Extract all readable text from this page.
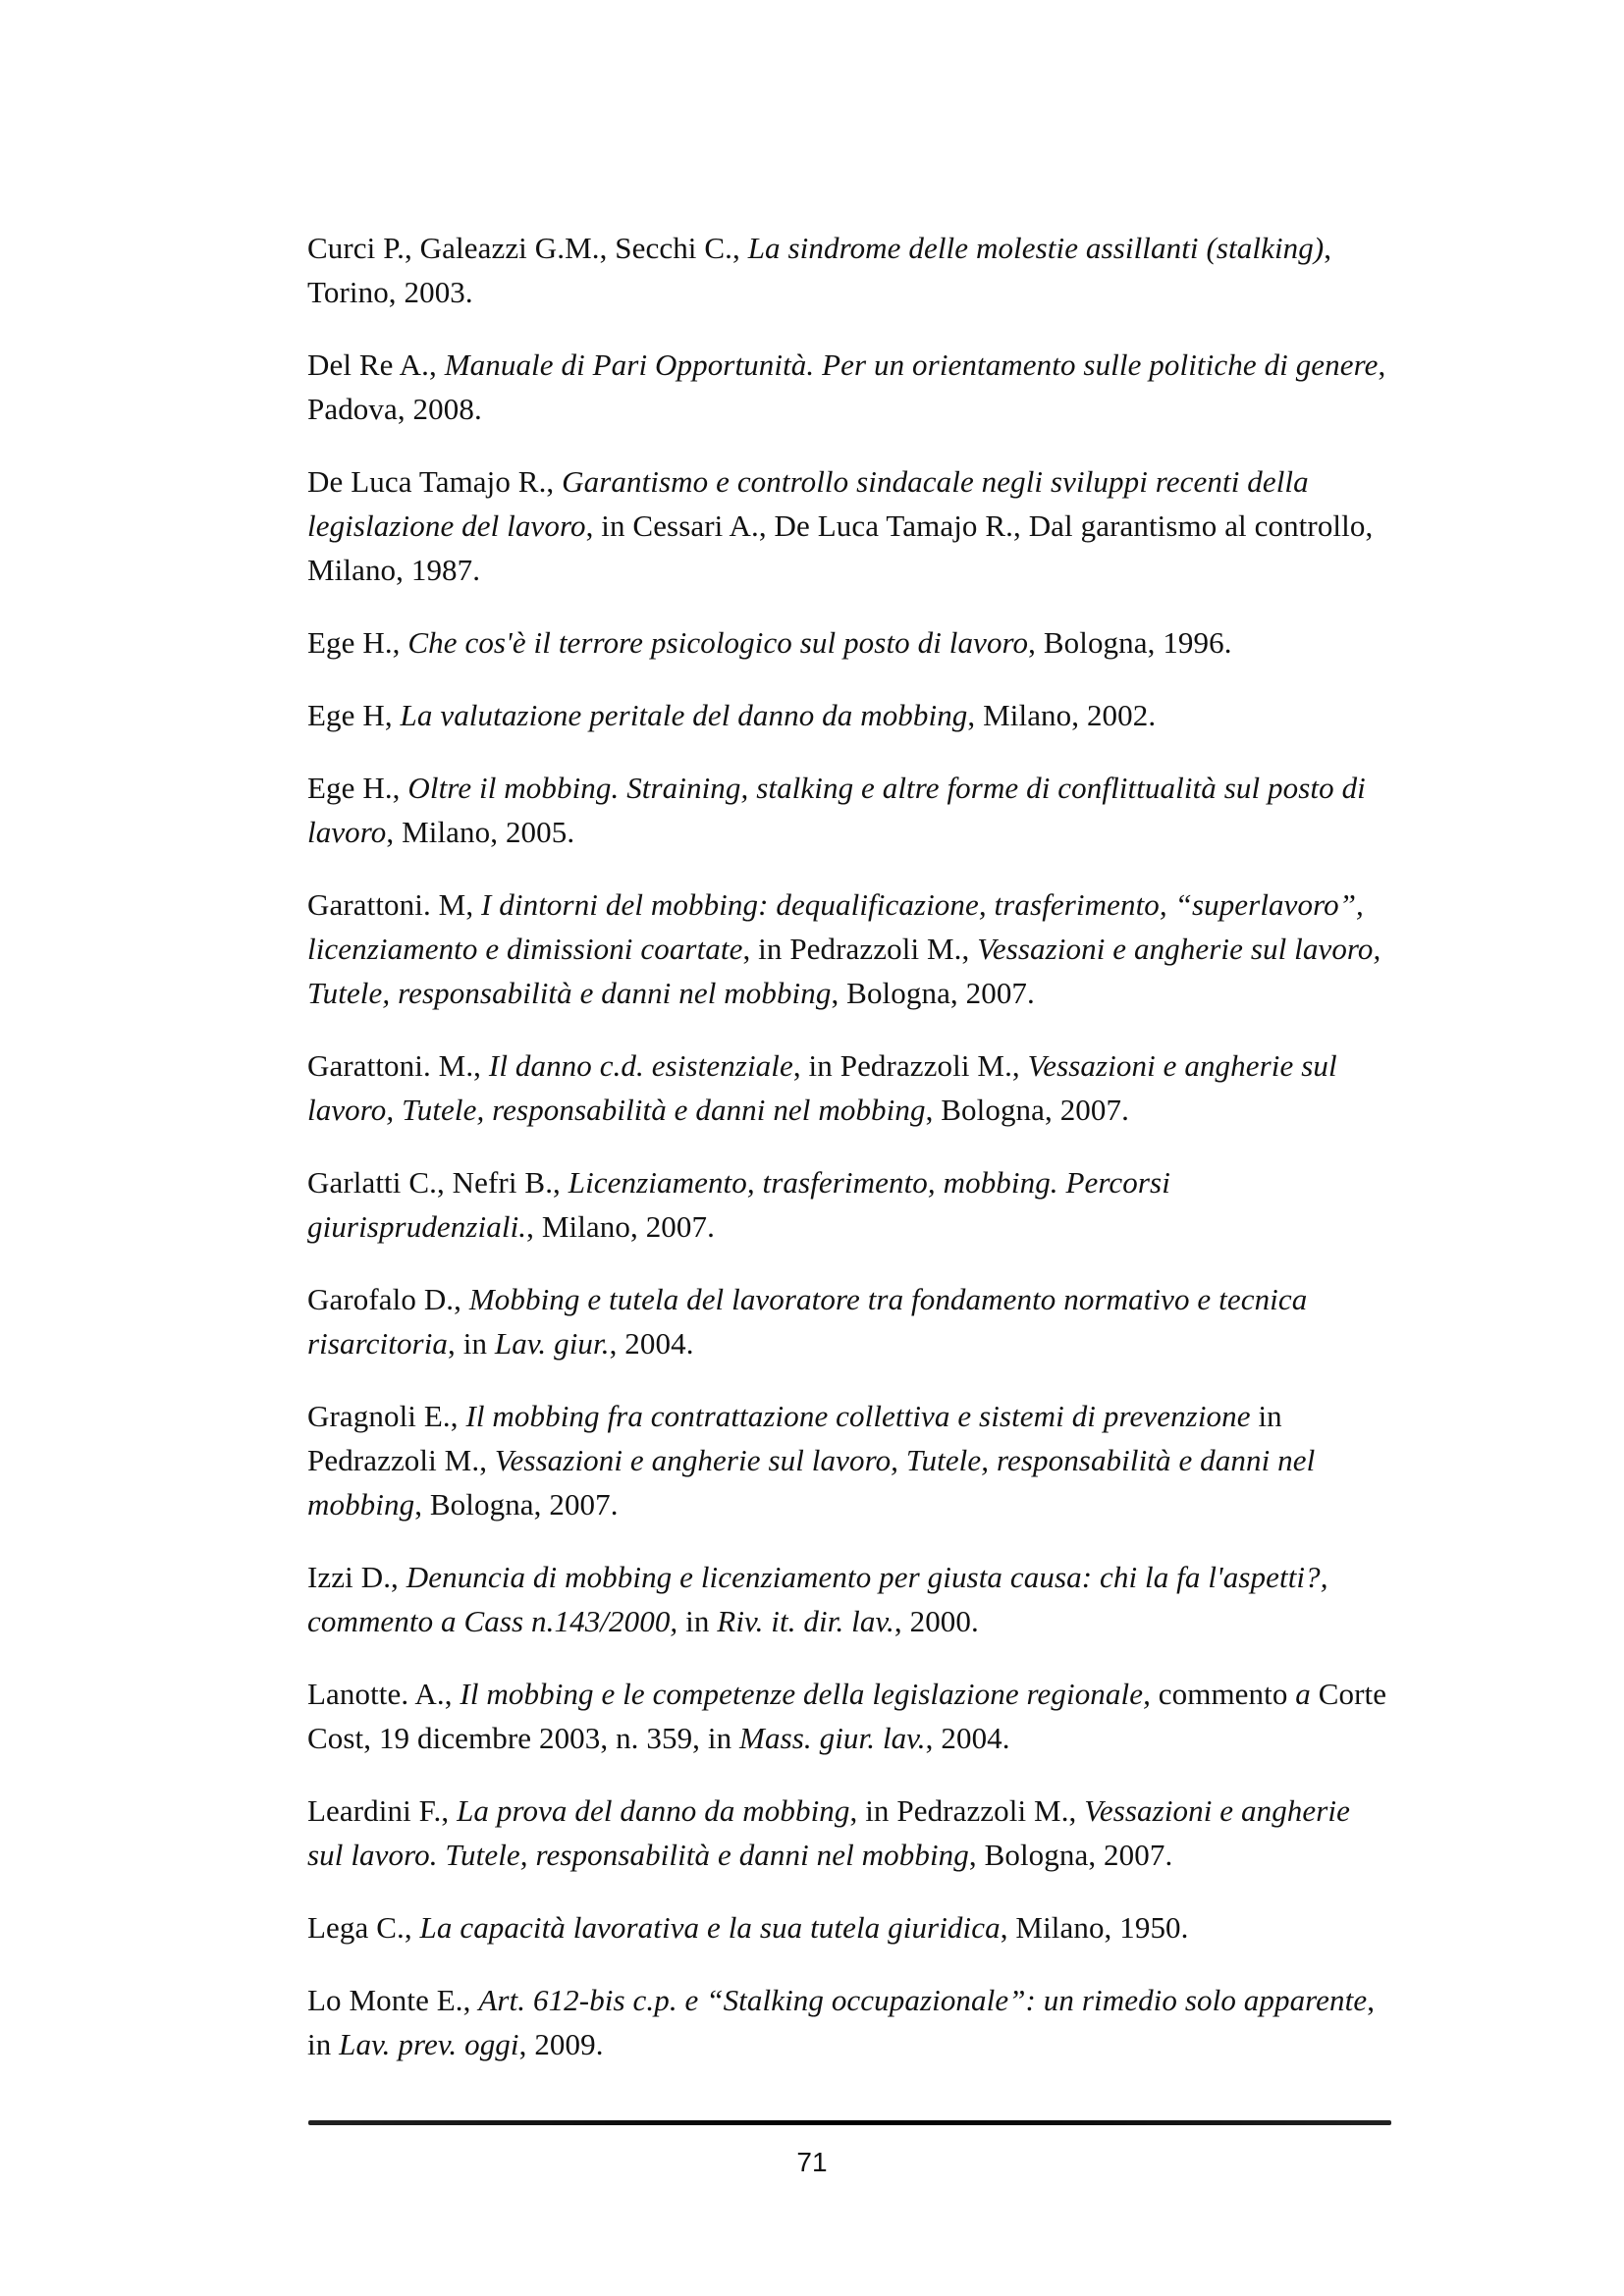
Curci P., Galeazzi G.M., Secchi C., La sindrome delle molestie assillanti (stalking), Torino, 2003.

Del Re A., Manuale di Pari Opportunità. Per un orientamento sulle politiche di genere, Padova, 2008.

De Luca Tamajo R., Garantismo e controllo sindacale negli sviluppi recenti della legislazione del lavoro, in Cessari A., De Luca Tamajo R., Dal garantismo al controllo, Milano, 1987.

Ege H., Che cos'è il terrore psicologico sul posto di lavoro, Bologna, 1996.

Ege H, La valutazione peritale del danno da mobbing, Milano, 2002.

Ege H., Oltre il mobbing. Straining, stalking e altre forme di conflittualità sul posto di lavoro, Milano, 2005.

Garattoni. M, I dintorni del mobbing: dequalificazione, trasferimento, “superlavoro”, licenziamento e dimissioni coartate, in Pedrazzoli M., Vessazioni e angherie sul lavoro, Tutele, responsabilità e danni nel mobbing, Bologna, 2007.

Garattoni. M., Il danno c.d. esistenziale, in Pedrazzoli M., Vessazioni e angherie sul lavoro, Tutele, responsabilità e danni nel mobbing, Bologna, 2007.

Garlatti C., Nefri B., Licenziamento, trasferimento, mobbing. Percorsi giurisprudenziali., Milano, 2007.

Garofalo D., Mobbing e tutela del lavoratore tra fondamento normativo e tecnica risarcitoria, in Lav. giur., 2004.

Gragnoli E., Il mobbing fra contrattazione collettiva e sistemi di prevenzione in Pedrazzoli M., Vessazioni e angherie sul lavoro, Tutele, responsabilità e danni nel mobbing, Bologna, 2007.

Izzi D., Denuncia di mobbing e licenziamento per giusta causa: chi la fa l'aspetti?, commento a Cass n.143/2000, in Riv. it. dir. lav., 2000.

Lanotte. A., Il mobbing e le competenze della legislazione regionale, commento a Corte Cost, 19 dicembre 2003, n. 359, in Mass. giur. lav., 2004.

Leardini F., La prova del danno da mobbing, in Pedrazzoli M., Vessazioni e angherie sul lavoro. Tutele, responsabilità e danni nel mobbing, Bologna, 2007.

Lega C., La capacità lavorativa e la sua tutela giuridica, Milano, 1950.

Lo Monte E., Art. 612-bis c.p. e “Stalking occupazionale”: un rimedio solo apparente, in Lav. prev. oggi, 2009.

71
